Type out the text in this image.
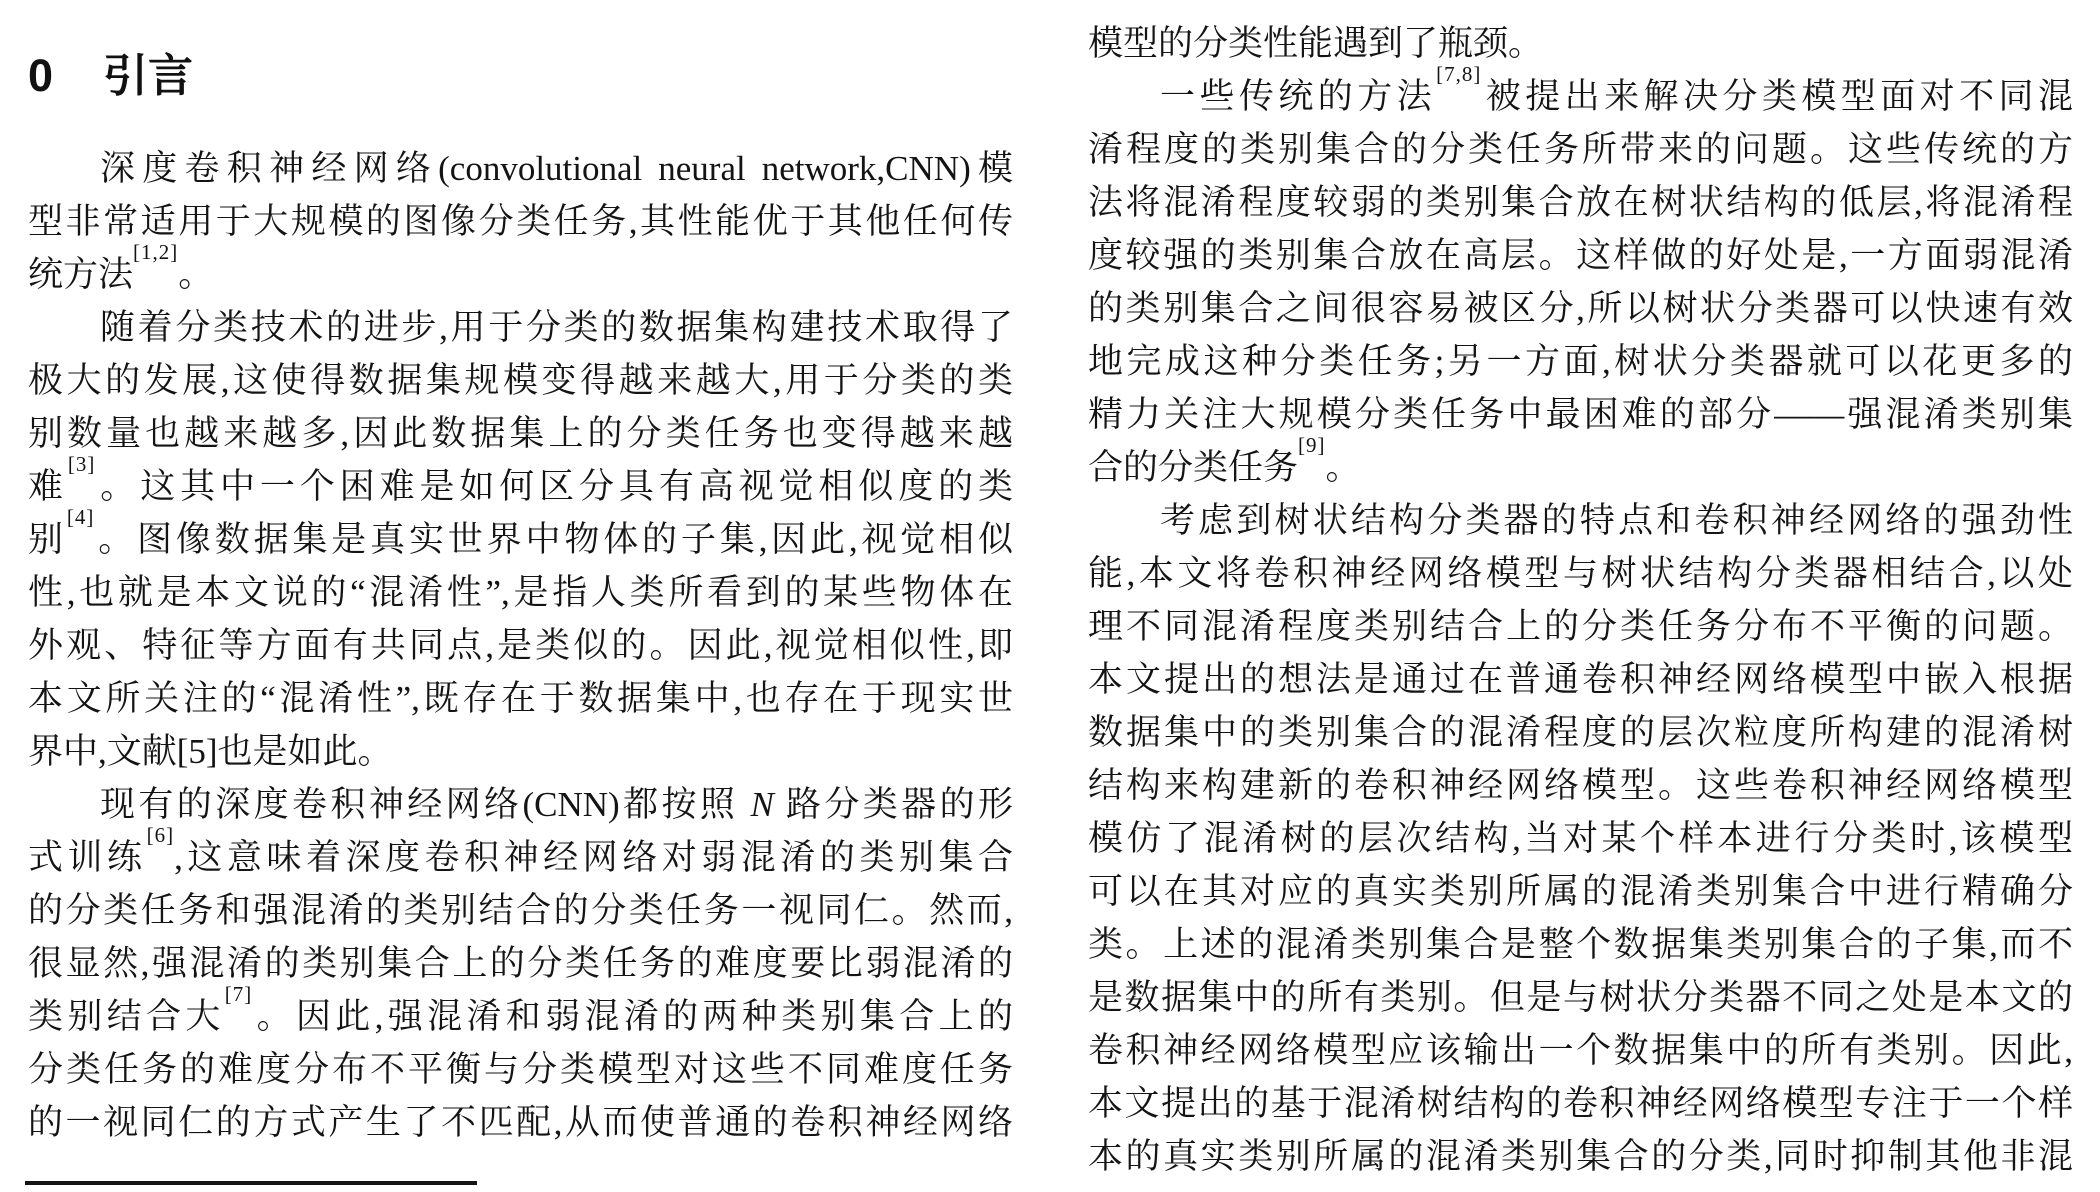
0 引言
深度卷积神经网络(convolutional neural network,CNN)模
型非常适用于大规模的图像分类任务,其性能优于其他任何传
统方法[1,2]。
随着分类技术的进步,用于分类的数据集构建技术取得了
极大的发展,这使得数据集规模变得越来越大,用于分类的类
别数量也越来越多,因此数据集上的分类任务也变得越来越
难[3]。这其中一个困难是如何区分具有高视觉相似度的类
别[4]。图像数据集是真实世界中物体的子集,因此,视觉相似
性,也就是本文说的“混淆性”,是指人类所看到的某些物体在
外观、特征等方面有共同点,是类似的。因此,视觉相似性,即
本文所关注的“混淆性”,既存在于数据集中,也存在于现实世
界中,文献[5]也是如此。
现有的深度卷积神经网络(CNN)都按照 N 路分类器的形
式训练[6],这意味着深度卷积神经网络对弱混淆的类别集合
的分类任务和强混淆的类别结合的分类任务一视同仁。然而,
很显然,强混淆的类别集合上的分类任务的难度要比弱混淆的
类别结合大[7]。因此,强混淆和弱混淆的两种类别集合上的
分类任务的难度分布不平衡与分类模型对这些不同难度任务
的一视同仁的方式产生了不匹配,从而使普通的卷积神经网络
模型的分类性能遇到了瓶颈。
一些传统的方法[7,8]被提出来解决分类模型面对不同混
淆程度的类别集合的分类任务所带来的问题。这些传统的方
法将混淆程度较弱的类别集合放在树状结构的低层,将混淆程
度较强的类别集合放在高层。这样做的好处是,一方面弱混淆
的类别集合之间很容易被区分,所以树状分类器可以快速有效
地完成这种分类任务;另一方面,树状分类器就可以花更多的
精力关注大规模分类任务中最困难的部分——强混淆类别集
合的分类任务[9]。
考虑到树状结构分类器的特点和卷积神经网络的强劲性
能,本文将卷积神经网络模型与树状结构分类器相结合,以处
理不同混淆程度类别结合上的分类任务分布不平衡的问题。
本文提出的想法是通过在普通卷积神经网络模型中嵌入根据
数据集中的类别集合的混淆程度的层次粒度所构建的混淆树
结构来构建新的卷积神经网络模型。这些卷积神经网络模型
模仿了混淆树的层次结构,当对某个样本进行分类时,该模型
可以在其对应的真实类别所属的混淆类别集合中进行精确分
类。上述的混淆类别集合是整个数据集类别集合的子集,而不
是数据集中的所有类别。但是与树状分类器不同之处是本文的
卷积神经网络模型应该输出一个数据集中的所有类别。因此,
本文提出的基于混淆树结构的卷积神经网络模型专注于一个样
本的真实类别所属的混淆类别集合的分类,同时抑制其他非混
